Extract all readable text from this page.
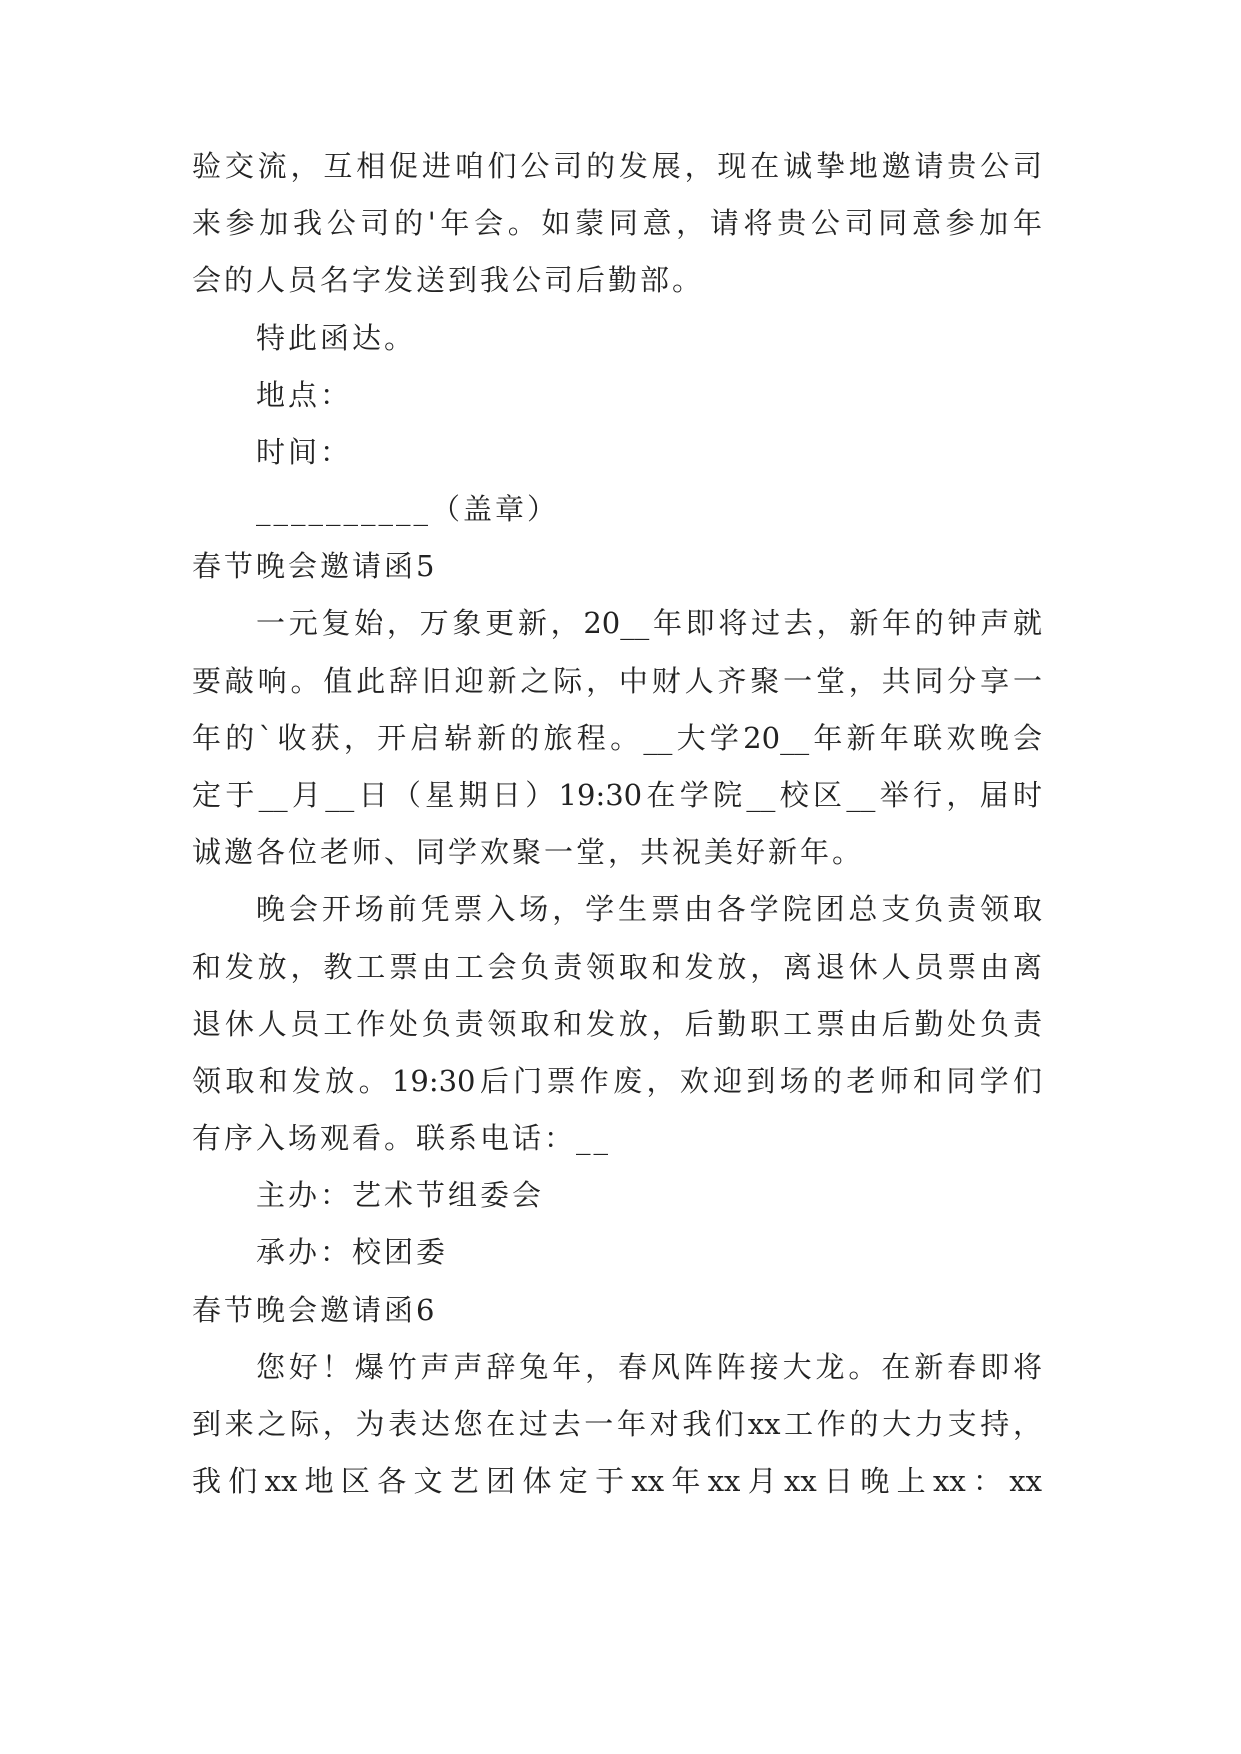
验交流，互相促进咱们公司的发展，现在诚挚地邀请贵公司
来参加我公司的'年会。如蒙同意，请将贵公司同意参加年
会的人员名字发送到我公司后勤部。
特此函达。
地点：
时间：
__________（盖章）
春节晚会邀请函5
一元复始，万象更新，20__年即将过去，新年的钟声就
要敲响。值此辞旧迎新之际，中财人齐聚一堂，共同分享一
年的`收获，开启崭新的旅程。__大学20__年新年联欢晚会
定于__月__日（星期日）19:30在学院__校区__举行，届时
诚邀各位老师、同学欢聚一堂，共祝美好新年。
晚会开场前凭票入场，学生票由各学院团总支负责领取
和发放，教工票由工会负责领取和发放，离退休人员票由离
退休人员工作处负责领取和发放，后勤职工票由后勤处负责
领取和发放。19:30后门票作废，欢迎到场的老师和同学们
有序入场观看。联系电话：__
主办：艺术节组委会
承办：校团委
春节晚会邀请函6
您好！爆竹声声辞兔年，春风阵阵接大龙。在新春即将
到来之际，为表达您在过去一年对我们xx工作的大力支持，
我们xx地区各文艺团体定于xx年xx月xx日晚上xx：xx
